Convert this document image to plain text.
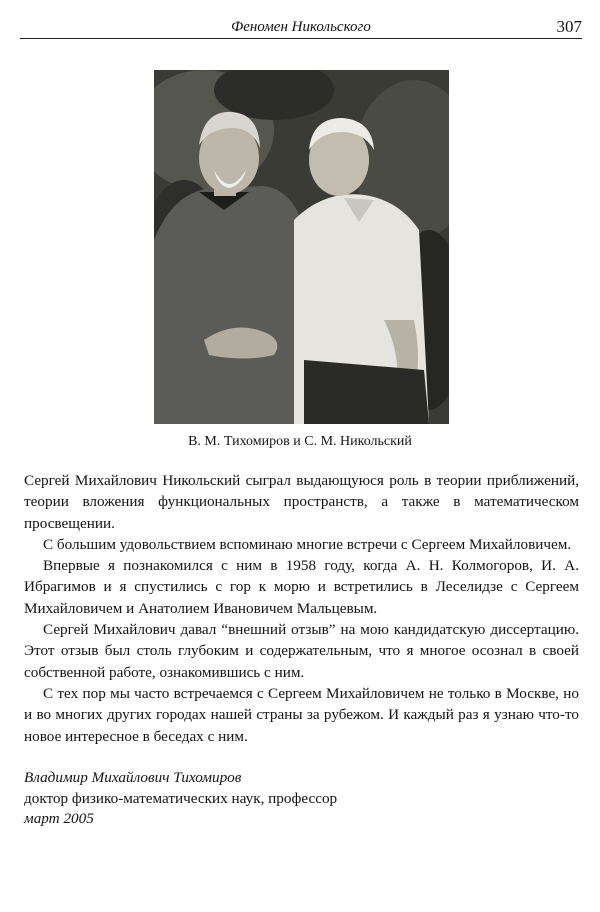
Феномен Никольского	307
В. М. Тихомиров и С. М. Никольский

Сергей Михайлович Никольский сыграл выдающуюся роль в теории приближений, теории вложения функциональных пространств, а также в математическом просвещении.

С большим удовольствием вспоминаю многие встречи с Сергеем Михайловичем.

Впервые я познакомился с ним в 1958 году, когда А. Н. Колмогоров, И. А. Ибрагимов и я спустились с гор к морю и встретились в Леселидзе с Сергеем Михайловичем и Анатолием Ивановичем Мальцевым.

Сергей Михайлович давал “внешний отзыв” на мою кандидатскую диссертацию. Этот отзыв был столь глубоким и содержательным, что я многое осознал в своей собственной работе, ознакомившись с ним.

С тех пор мы часто встречаемся с Сергеем Михайловичем не только в Москве, но и во многих других городах нашей страны за рубежом. И каждый раз я узнаю что-то новое интересное в беседах с ним.

Владимир Михайлович Тихомиров
доктор физико-математических наук, профессор
март 2005
